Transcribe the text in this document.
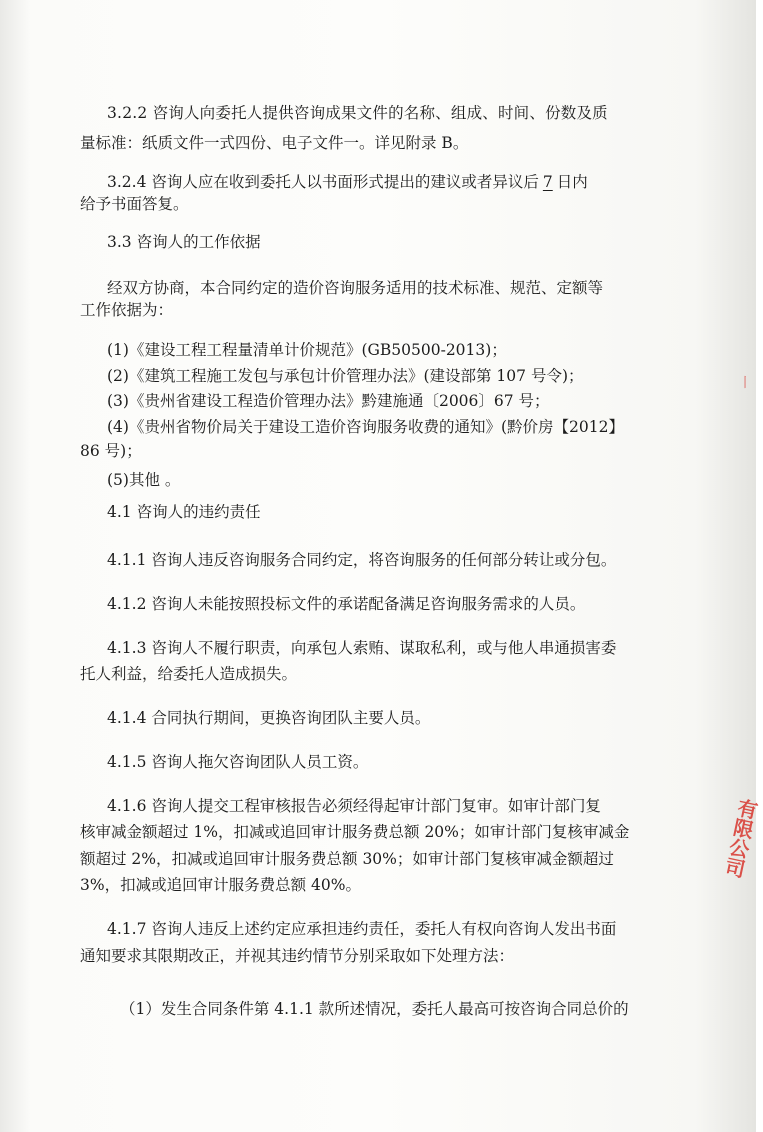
3.2.2 咨询人向委托人提供咨询成果文件的名称、组成、时间、份数及质
量标准：纸质文件一式四份、电子文件一。详见附录 B。
3.2.4 咨询人应在收到委托人以书面形式提出的建议或者异议后 7 日内
给予书面答复。
3.3 咨询人的工作依据
经双方协商，本合同约定的造价咨询服务适用的技术标准、规范、定额等
工作依据为：
(1)《建设工程工程量清单计价规范》(GB50500-2013)；
(2)《建筑工程施工发包与承包计价管理办法》(建设部第 107 号令)；
(3)《贵州省建设工程造价管理办法》黔建施通〔2006〕67 号；
(4)《贵州省物价局关于建设工造价咨询服务收费的通知》(黔价房【2012】
86 号)；
(5)其他 。
4.1 咨询人的违约责任
4.1.1 咨询人违反咨询服务合同约定，将咨询服务的任何部分转让或分包。
4.1.2 咨询人未能按照投标文件的承诺配备满足咨询服务需求的人员。
4.1.3 咨询人不履行职责，向承包人索贿、谋取私利，或与他人串通损害委
托人利益，给委托人造成损失。
4.1.4 合同执行期间，更换咨询团队主要人员。
4.1.5 咨询人拖欠咨询团队人员工资。
4.1.6 咨询人提交工程审核报告必须经得起审计部门复审。如审计部门复
核审减金额超过 1%，扣减或追回审计服务费总额 20%；如审计部门复核审减金
额超过 2%，扣减或追回审计服务费总额 30%；如审计部门复核审减金额超过
3%，扣减或追回审计服务费总额 40%。
4.1.7 咨询人违反上述约定应承担违约责任，委托人有权向咨询人发出书面
通知要求其限期改正，并视其违约情节分别采取如下处理方法：
（1）发生合同条件第 4.1.1 款所述情况，委托人最高可按咨询合同总价的
〡
有限公司
